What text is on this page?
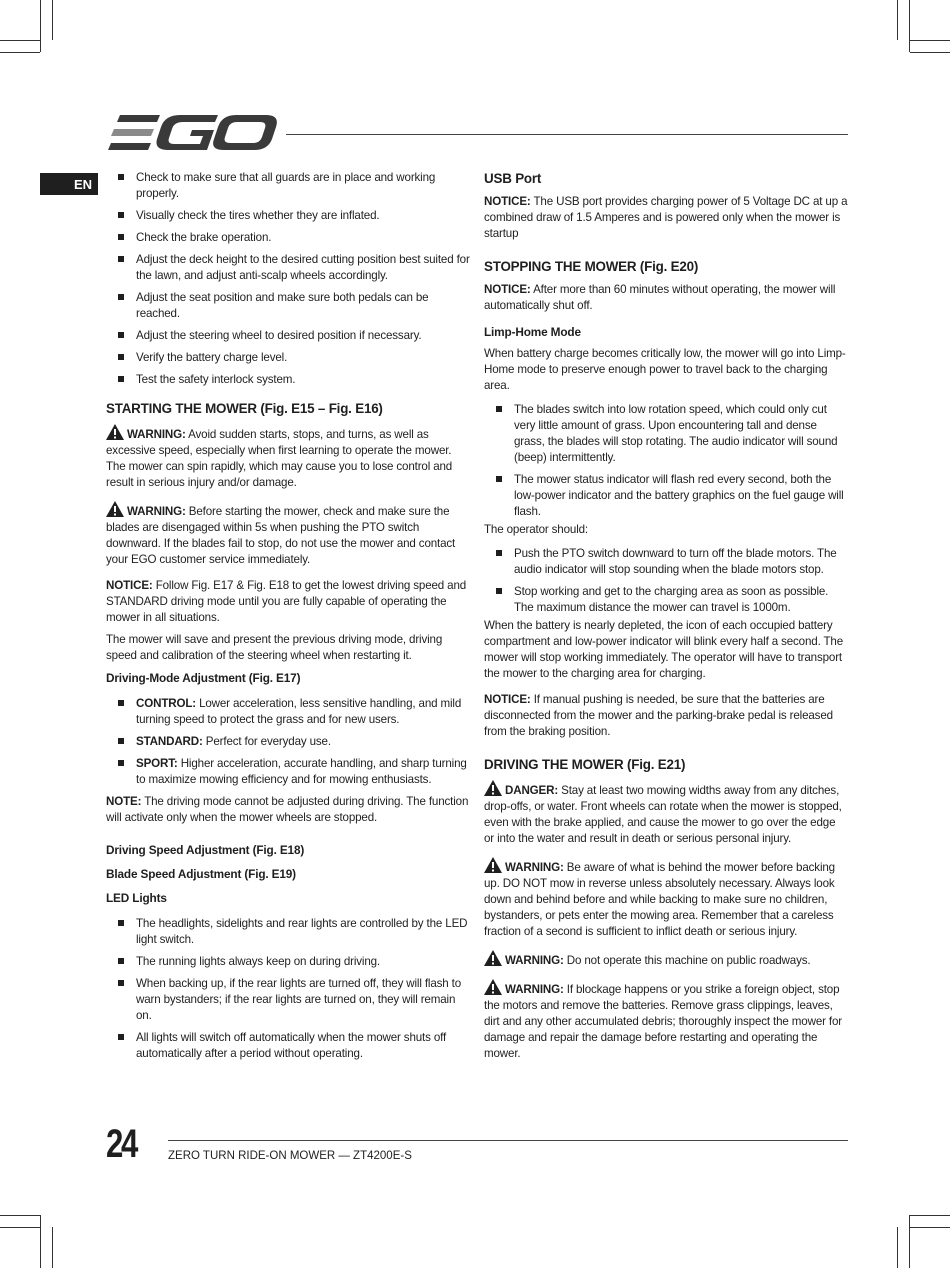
EN	Check to make sure that all guards are in place and working properly.
Visually check the tires whether they are inflated.
Check the brake operation.
Adjust the deck height to the desired cutting position best suited for the lawn, and adjust anti-scalp wheels accordingly.
Adjust the seat position and make sure both pedals can be reached.
Adjust the steering wheel to desired position if necessary.
Verify the battery charge level.
Test the safety interlock system.
STARTING THE MOWER (Fig. E15 – Fig. E16)

WARNING: Avoid sudden starts, stops, and turns, as well as excessive speed, especially when first learning to operate the mower. The mower can spin rapidly, which may cause you to lose control and result in serious injury and/or damage.

WARNING: Before starting the mower, check and make sure the blades are disengaged within 5s when pushing the PTO switch downward. If the blades fail to stop, do not use the mower and contact your EGO customer service immediately.

NOTICE: Follow Fig. E17 & Fig. E18 to get the lowest driving speed and STANDARD driving mode until you are fully capable of operating the mower in all situations.

The mower will save and present the previous driving mode, driving speed and calibration of the steering wheel when restarting it.

Driving-Mode Adjustment (Fig. E17)
CONTROL: Lower acceleration, less sensitive handling, and mild turning speed to protect the grass and for new users.
STANDARD: Perfect for everyday use.
SPORT: Higher acceleration, accurate handling, and sharp turning to maximize mowing efficiency and for mowing enthusiasts.

NOTE: The driving mode cannot be adjusted during driving. The function will activate only when the mower wheels are stopped.

Driving Speed Adjustment (Fig. E18)
Blade Speed Adjustment (Fig. E19)
LED Lights
The headlights, sidelights and rear lights are controlled by the LED light switch.
The running lights always keep on during driving.
When backing up, if the rear lights are turned off, they will flash to warn bystanders; if the rear lights are turned on, they will remain on.
All lights will switch off automatically when the mower shuts off automatically after a period without operating.
USB Port

NOTICE: The USB port provides charging power of 5 Voltage DC at up a combined draw of 1.5 Amperes and is powered only when the mower is startup

STOPPING THE MOWER (Fig. E20)

NOTICE: After more than 60 minutes without operating, the mower will automatically shut off.

Limp-Home Mode

When battery charge becomes critically low, the mower will go into Limp-Home mode to preserve enough power to travel back to the charging area.

The blades switch into low rotation speed, which could only cut very little amount of grass. Upon encountering tall and dense grass, the blades will stop rotating. The audio indicator will sound (beep) intermittently.
The mower status indicator will flash red every second, both the low-power indicator and the battery graphics on the fuel gauge will flash.

The operator should:

Push the PTO switch downward to turn off the blade motors. The audio indicator will stop sounding when the blade motors stop.
Stop working and get to the charging area as soon as possible. The maximum distance the mower can travel is 1000m.

When the battery is nearly depleted, the icon of each occupied battery compartment and low-power indicator will blink every half a second. The mower will stop working immediately. The operator will have to transport the mower to the charging area for charging.

NOTICE: If manual pushing is needed, be sure that the batteries are disconnected from the mower and the parking-brake pedal is released from the braking position.

DRIVING THE MOWER (Fig. E21)

DANGER: Stay at least two mowing widths away from any ditches, drop-offs, or water. Front wheels can rotate when the mower is stopped, even with the brake applied, and cause the mower to go over the edge or into the water and result in death or serious personal injury.

WARNING: Be aware of what is behind the mower before backing up. DO NOT mow in reverse unless absolutely necessary. Always look down and behind before and while backing to make sure no children, bystanders, or pets enter the mowing area. Remember that a careless fraction of a second is sufficient to inflict death or serious injury.

WARNING: Do not operate this machine on public roadways.

WARNING: If blockage happens or you strike a foreign object, stop the motors and remove the batteries. Remove grass clippings, leaves, dirt and any other accumulated debris; thoroughly inspect the mower for damage and repair the damage before restarting and operating the mower.

24	ZERO TURN RIDE-ON MOWER — ZT4200E-S
